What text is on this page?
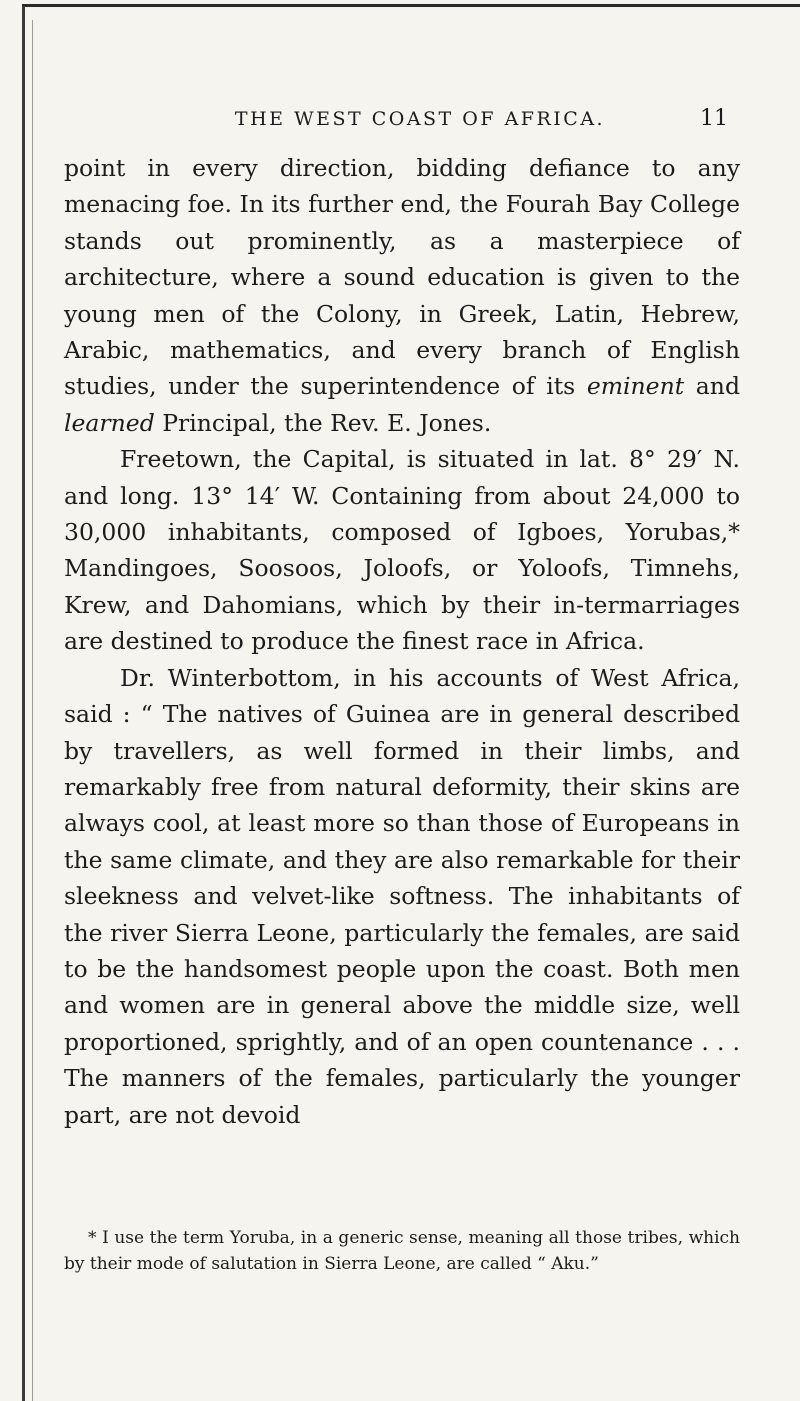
THE WEST COAST OF AFRICA.	11

point in every direction, bidding defiance to any menacing foe. In its further end, the Fourah Bay College stands out prominently, as a masterpiece of architecture, where a sound education is given to the young men of the Colony, in Greek, Latin, Hebrew, Arabic, mathematics, and every branch of English studies, under the superintendence of its eminent and learned Principal, the Rev. E. Jones.

Freetown, the Capital, is situated in lat. 8° 29′ N. and long. 13° 14′ W. Containing from about 24,000 to 30,000 inhabitants, composed of Igboes, Yorubas,* Mandingoes, Soosoos, Joloofs, or Yoloofs, Timnehs, Krew, and Dahomians, which by their in-termarriages are destined to produce the finest race in Africa.

Dr. Winterbottom, in his accounts of West Africa, said : “ The natives of Guinea are in general described by travellers, as well formed in their limbs, and remarkably free from natural deformity, their skins are always cool, at least more so than those of Europeans in the same climate, and they are also remarkable for their sleekness and velvet-like softness. The inhabitants of the river Sierra Leone, particularly the females, are said to be the handsomest people upon the coast. Both men and women are in general above the middle size, well proportioned, sprightly, and of an open countenance . . . The manners of the females, particularly the younger part, are not devoid

* I use the term Yoruba, in a generic sense, meaning all those tribes, which by their mode of salutation in Sierra Leone, are called “ Aku.”
